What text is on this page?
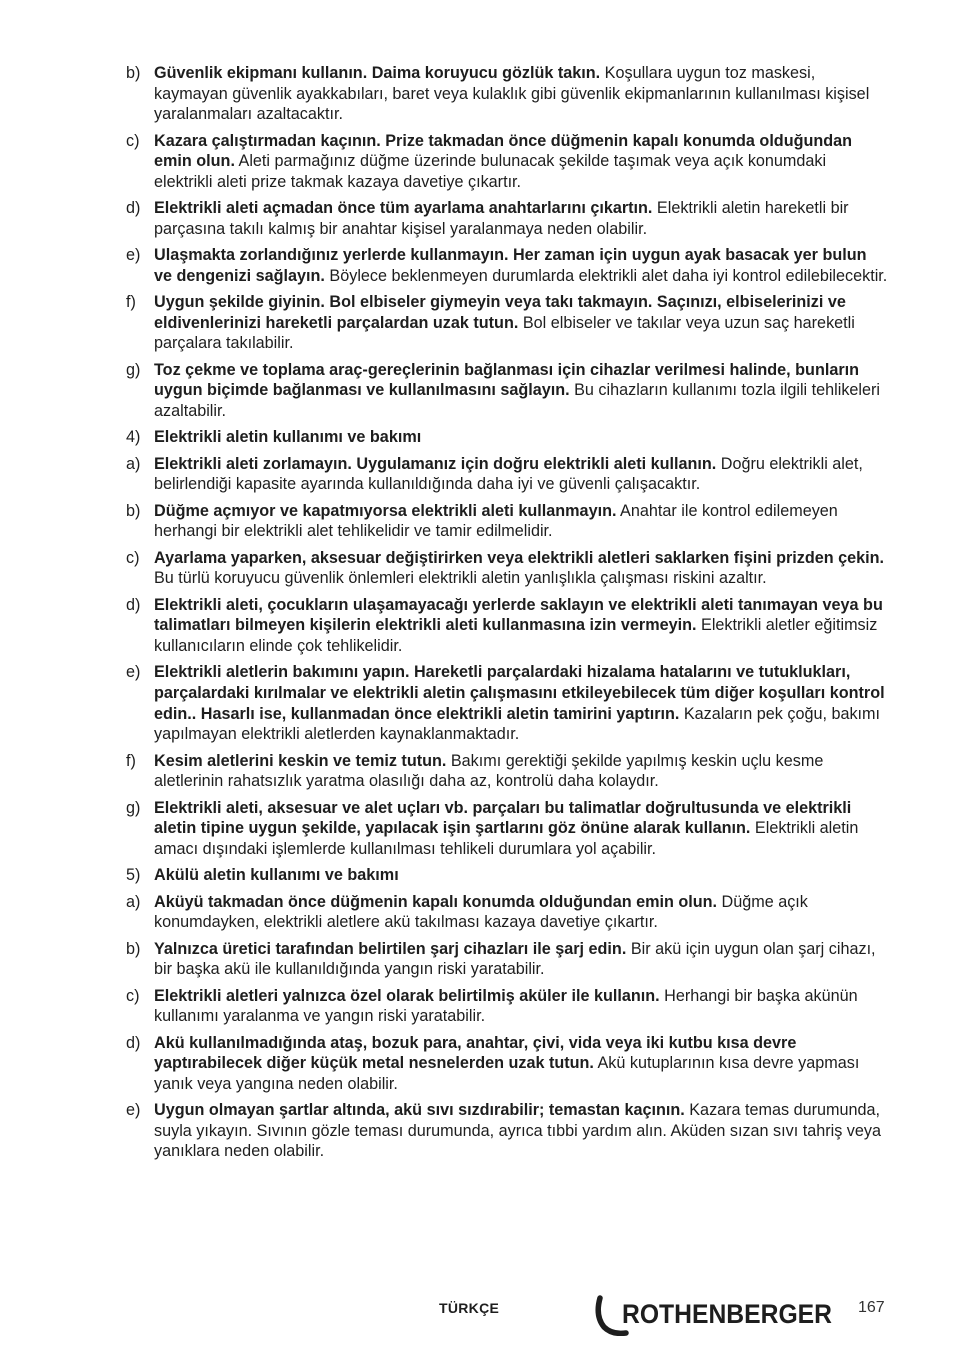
b) Güvenlik ekipmanı kullanın. Daima koruyucu gözlük takın. Koşullara uygun toz maskesi, kaymayan güvenlik ayakkabıları, baret veya kulaklık gibi güvenlik ekipmanlarının kullanılması kişisel yaralanmaları azaltacaktır.
c) Kazara çalıştırmadan kaçının. Prize takmadan önce düğmenin kapalı konumda olduğundan emin olun. Aleti parmağınız düğme üzerinde bulunacak şekilde taşımak veya açık konumdaki elektrikli aleti prize takmak kazaya davetiye çıkartır.
d) Elektrikli aleti açmadan önce tüm ayarlama anahtarlarını çıkartın. Elektrikli aletin hareketli bir parçasına takılı kalmış bir anahtar kişisel yaralanmaya neden olabilir.
e) Ulaşmakta zorlandığınız yerlerde kullanmayın. Her zaman için uygun ayak basacak yer bulun ve dengenizi sağlayın. Böylece beklenmeyen durumlarda elektrikli alet daha iyi kontrol edilebilecektir.
f)	Uygun şekilde giyinin. Bol elbiseler giymeyin veya takı takmayın. Saçınızı, elbiselerinizi ve eldivenlerinizi hareketli parçalardan uzak tutun. Bol elbiseler ve takılar veya uzun saç hareketli parçalara takılabilir.
g) Toz çekme ve toplama araç-gereçlerinin bağlanması için cihazlar verilmesi halinde, bunların uygun biçimde bağlanması ve kullanılmasını sağlayın. Bu cihazların kullanımı tozla ilgili tehlikeleri azaltabilir.
4) Elektrikli aletin kullanımı ve bakımı
a) Elektrikli aleti zorlamayın. Uygulamanız için doğru elektrikli aleti kullanın. Doğru elektrikli alet, belirlendiği kapasite ayarında kullanıldığında daha iyi ve güvenli çalışacaktır.
b) Düğme açmıyor ve kapatmıyorsa elektrikli aleti kullanmayın. Anahtar ile kontrol edilemeyen herhangi bir elektrikli alet tehlikelidir ve tamir edilmelidir.
c) Ayarlama yaparken, aksesuar değiştirirken veya elektrikli aletleri saklarken fişini prizden çekin. Bu türlü koruyucu güvenlik önlemleri elektrikli aletin yanlışlıkla çalışması riskini azaltır.
d) Elektrikli aleti, çocukların ulaşamayacağı yerlerde saklayın ve elektrikli aleti tanımayan veya bu talimatları bilmeyen kişilerin elektrikli aleti kullanmasına izin vermeyin. Elektrikli aletler eğitimsiz kullanıcıların elinde çok tehlikelidir.
e) Elektrikli aletlerin bakımını yapın. Hareketli parçalardaki hizalama hatalarını ve tutuklukları, parçalardaki kırılmalar ve elektrikli aletin çalışmasını etkileyebilecek tüm diğer koşulları kontrol edin.. Hasarlı ise, kullanmadan önce elektrikli aletin tamirini yaptırın. Kazaların pek çoğu, bakımı yapılmayan elektrikli aletlerden kaynaklanmaktadır.
f)	Kesim aletlerini keskin ve temiz tutun. Bakımı gerektiği şekilde yapılmış keskin uçlu kesme aletlerinin rahatsızlık yaratma olasılığı daha az, kontrolü daha kolaydır.
g) Elektrikli aleti, aksesuar ve alet uçları vb. parçaları bu talimatlar doğrultusunda ve elektrikli aletin tipine uygun şekilde, yapılacak işin şartlarını göz önüne alarak kullanın. Elektrikli aletin amacı dışındaki işlemlerde kullanılması tehlikeli durumlara yol açabilir.
5) Akülü aletin kullanımı ve bakımı
a) Aküyü takmadan önce düğmenin kapalı konumda olduğundan emin olun. Düğme açık konumdayken, elektrikli aletlere akü takılması kazaya davetiye çıkartır.
b) Yalnızca üretici tarafından belirtilen şarj cihazları ile şarj edin. Bir akü için uygun olan şarj cihazı, bir başka akü ile kullanıldığında yangın riski yaratabilir.
c) Elektrikli aletleri yalnızca özel olarak belirtilmiş aküler ile kullanın. Herhangi bir başka akünün kullanımı yaralanma ve yangın riski yaratabilir.
d) Akü kullanılmadığında ataş, bozuk para, anahtar, çivi, vida veya iki kutbu kısa devre yaptırabilecek diğer küçük metal nesnelerden uzak tutun. Akü kutuplarının kısa devre yapması yanık veya yangına neden olabilir.
e) Uygun olmayan şartlar altında, akü sıvı sızdırabilir; temastan kaçının. Kazara temas durumunda, suyla yıkayın. Sıvının gözle teması durumunda, ayrıca tıbbi yardım alın. Aküden sızan sıvı tahriş veya yanıklara neden olabilir.
TÜRKÇE	ROTHENBERGER 167
